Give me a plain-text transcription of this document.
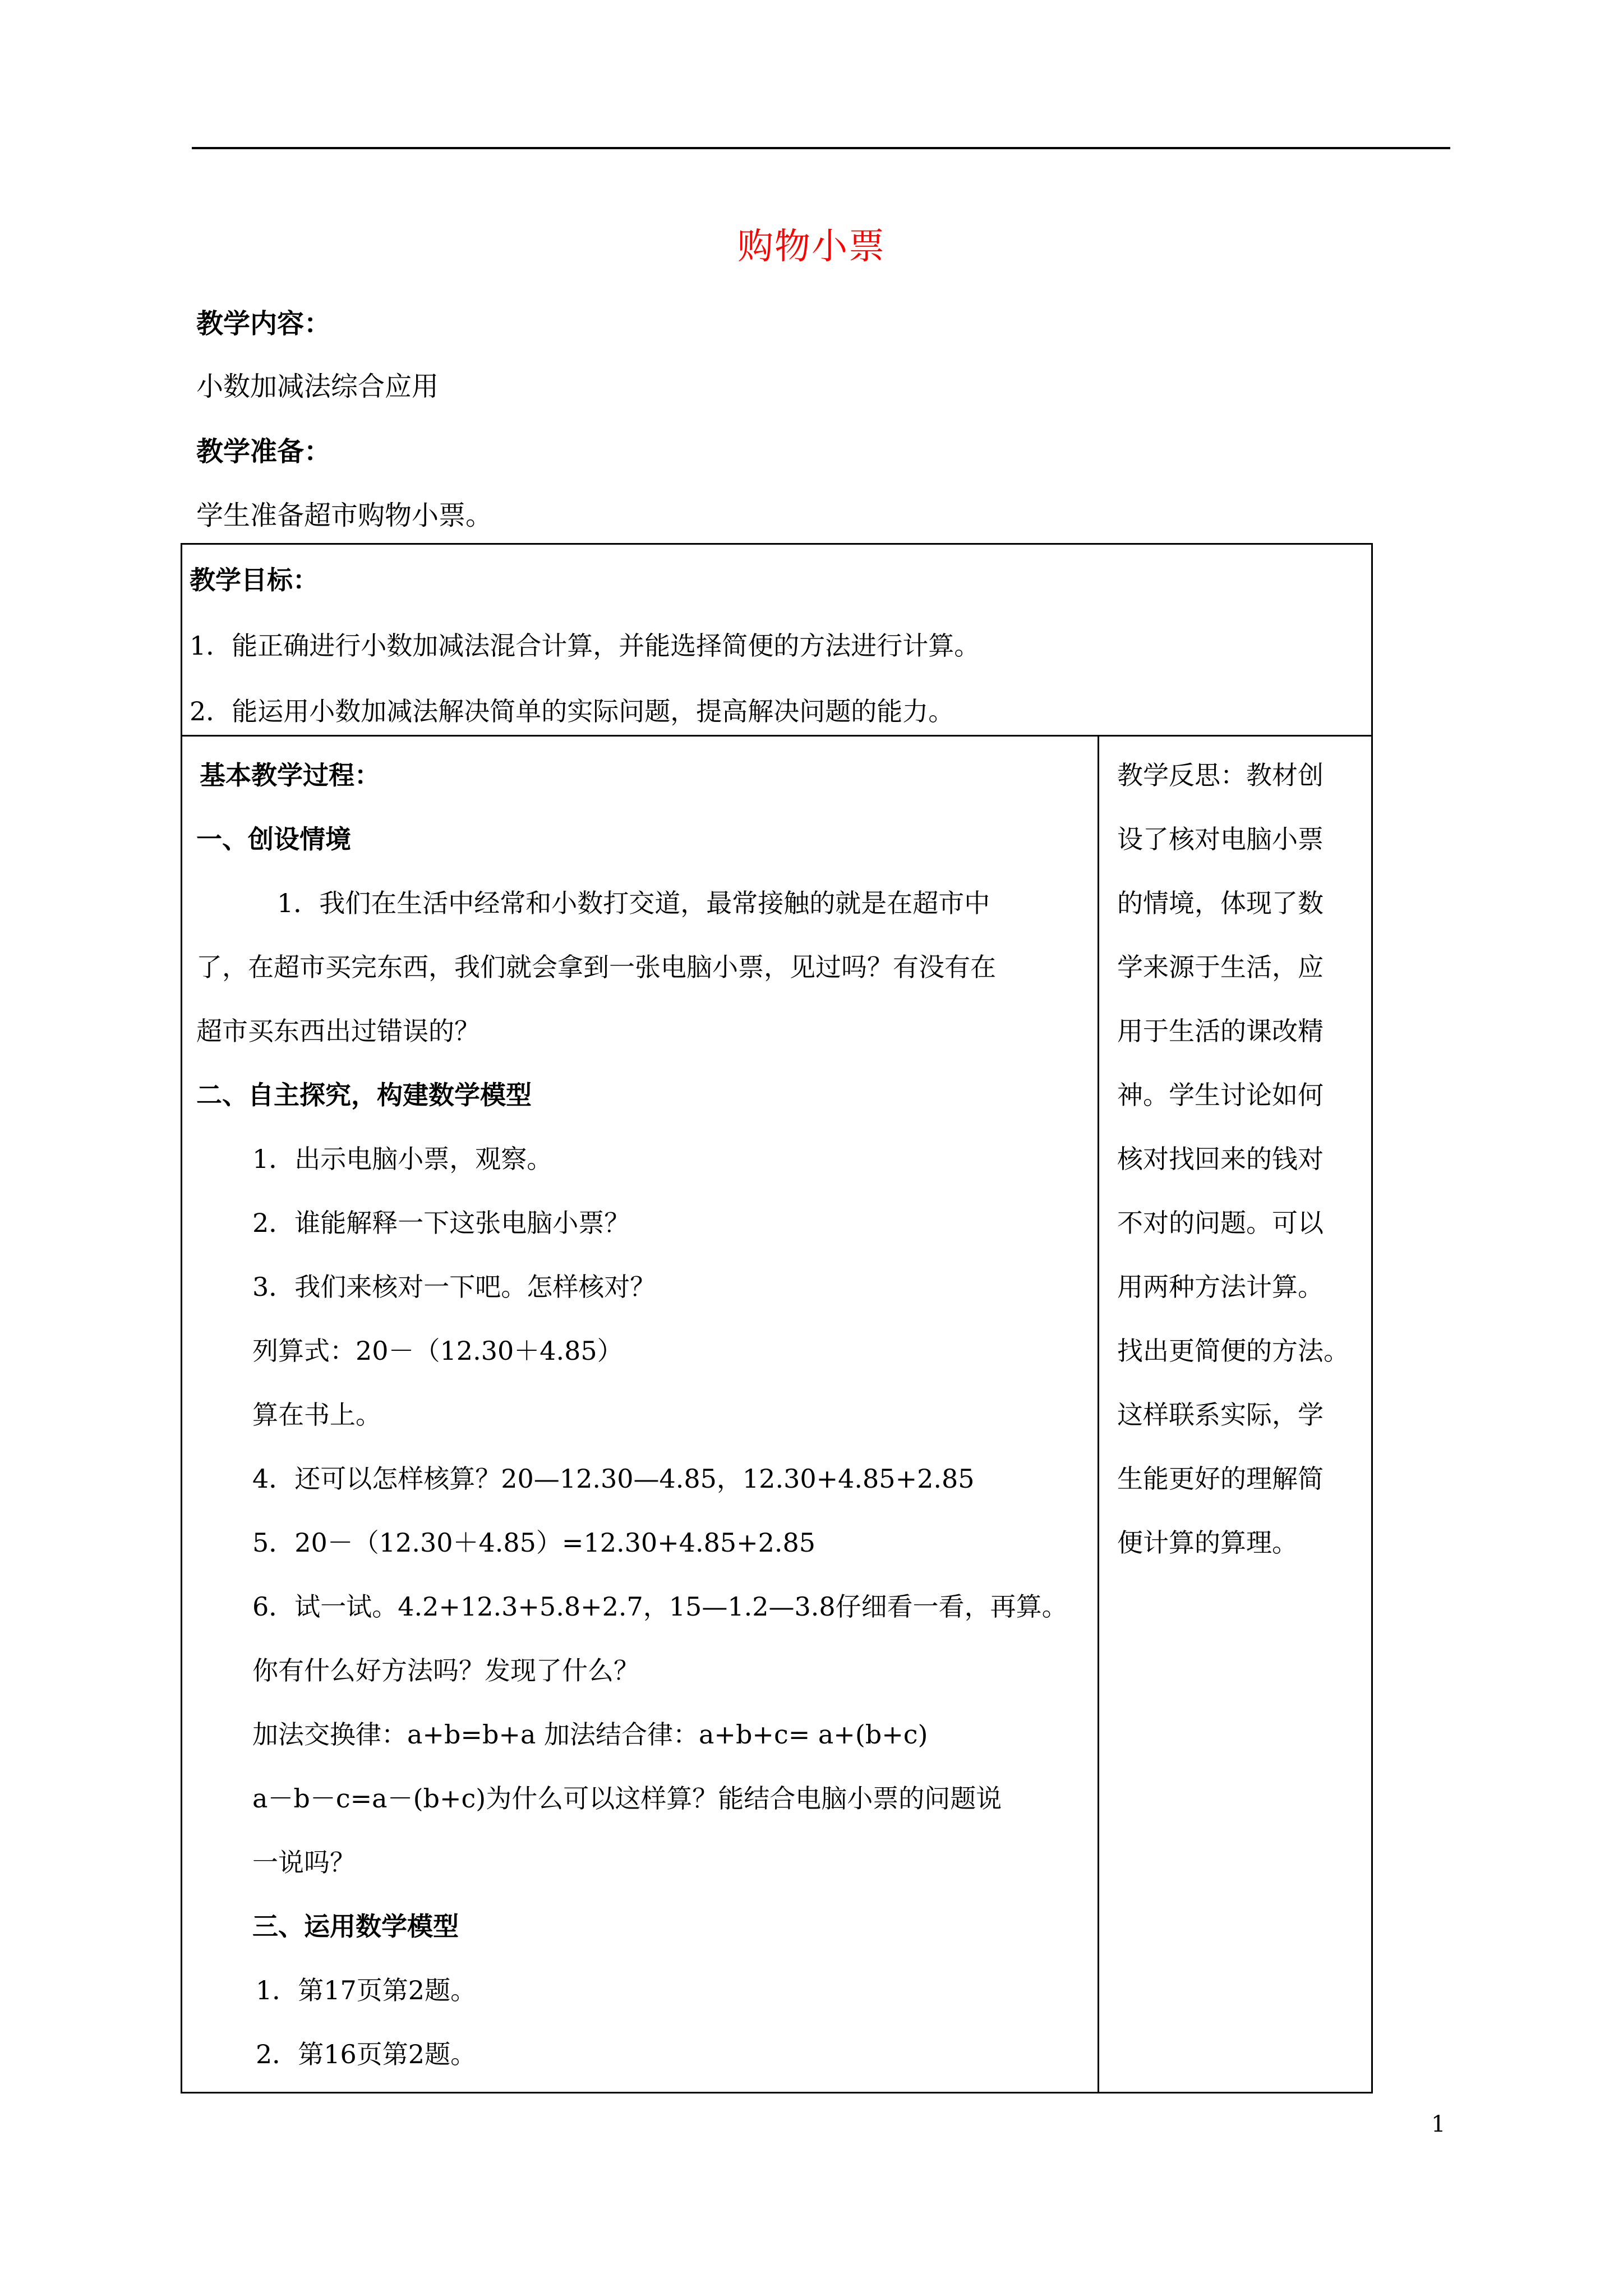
购物小票
教学内容：
小数加减法综合应用
教学准备：
学生准备超市购物小票。
教学目标：
1．能正确进行小数加减法混合计算，并能选择简便的方法进行计算。
2．能运用小数加减法解决简单的实际问题，提高解决问题的能力。
基本教学过程：
一、创设情境
1．我们在生活中经常和小数打交道，最常接触的就是在超市中
了，在超市买完东西，我们就会拿到一张电脑小票，见过吗？有没有在
超市买东西出过错误的？
二、自主探究，构建数学模型
1．出示电脑小票，观察。
2．谁能解释一下这张电脑小票？
3．我们来核对一下吧。怎样核对？
列算式：20－（12.30＋4.85）
算在书上。
4．还可以怎样核算？20—12.30—4.85，12.30+4.85+2.85
5．20－（12.30＋4.85）=12.30+4.85+2.85
6．试一试。4.2+12.3+5.8+2.7，15—1.2—3.8仔细看一看，再算。
你有什么好方法吗？发现了什么？
加法交换律：a+b=b+a 加法结合律：a+b+c= a+(b+c)
a－b－c=a－(b+c)为什么可以这样算？能结合电脑小票的问题说
一说吗？
三、运用数学模型
1．第17页第2题。
2．第16页第2题。
教学反思：教材创
设了核对电脑小票
的情境，体现了数
学来源于生活，应
用于生活的课改精
神。学生讨论如何
核对找回来的钱对
不对的问题。可以
用两种方法计算。
找出更简便的方法。
这样联系实际，学
生能更好的理解简
便计算的算理。
1
